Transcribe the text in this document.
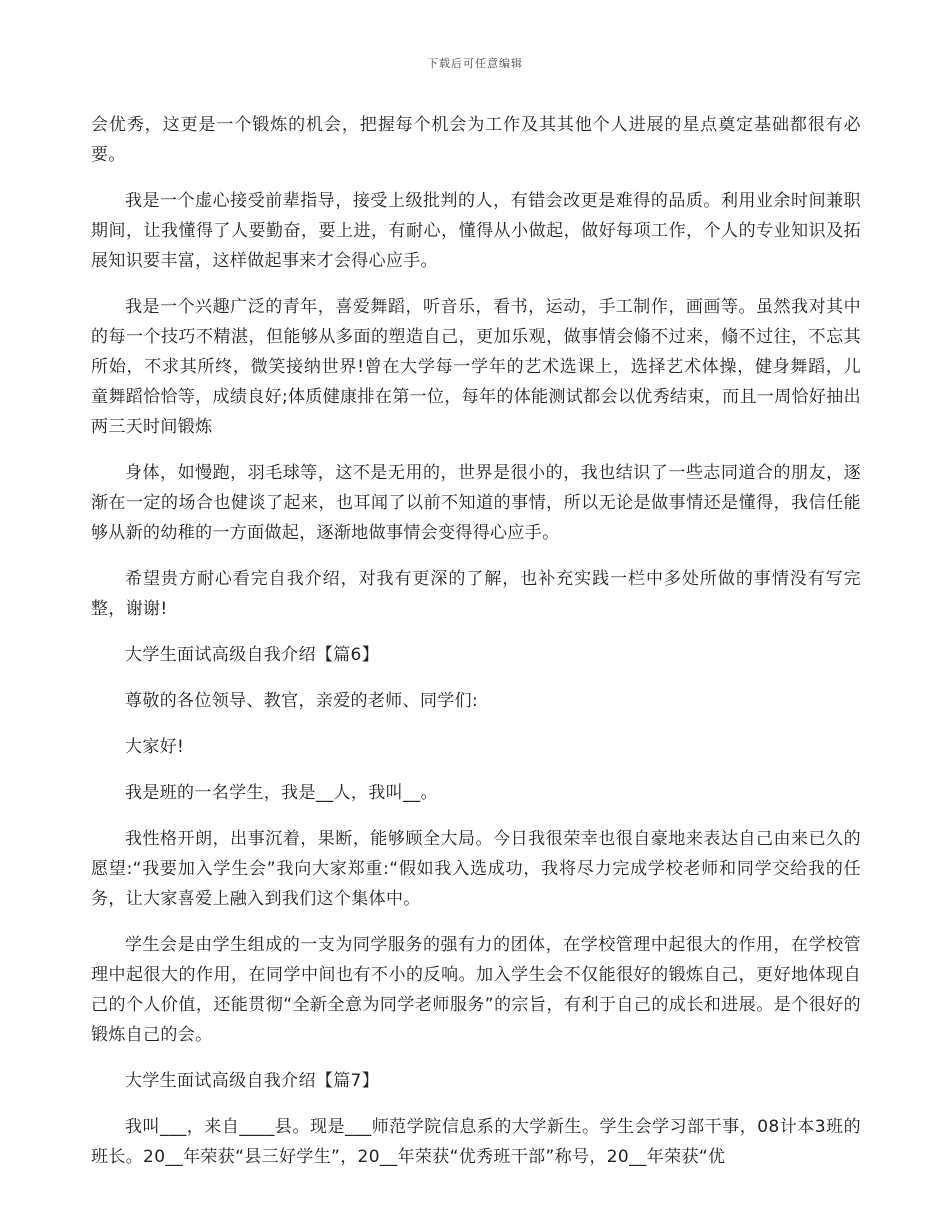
下载后可任意编辑

会优秀，这更是一个锻炼的机会，把握每个机会为工作及其其他个人进展的星点奠定基础都很有必要。

我是一个虚心接受前辈指导，接受上级批判的人，有错会改更是难得的品质。利用业余时间兼职期间，让我懂得了人要勤奋，要上进，有耐心，懂得从小做起，做好每项工作，个人的专业知识及拓展知识要丰富，这样做起事来才会得心应手。

我是一个兴趣广泛的青年，喜爱舞蹈，听音乐，看书，运动，手工制作，画画等。虽然我对其中的每一个技巧不精湛，但能够从多面的塑造自己，更加乐观，做事情会翛不过来，翛不过往，不忘其所始，不求其所终，微笑接纳世界!曾在大学每一学年的艺术选课上，选择艺术体操，健身舞蹈，儿童舞蹈恰恰等，成绩良好;体质健康排在第一位，每年的体能测试都会以优秀结束，而且一周恰好抽出两三天时间锻炼

身体，如慢跑，羽毛球等，这不是无用的，世界是很小的，我也结识了一些志同道合的朋友，逐渐在一定的场合也健谈了起来，也耳闻了以前不知道的事情，所以无论是做事情还是懂得，我信任能够从新的幼稚的一方面做起，逐渐地做事情会变得得心应手。

希望贵方耐心看完自我介绍，对我有更深的了解，也补充实践一栏中多处所做的事情没有写完整，谢谢!

大学生面试高级自我介绍【篇6】

尊敬的各位领导、教官，亲爱的老师、同学们:

大家好!

我是班的一名学生，我是__人，我叫__。

我性格开朗，出事沉着，果断，能够顾全大局。今日我很荣幸也很自豪地来表达自己由来已久的愿望:“我要加入学生会”我向大家郑重:“假如我入选成功，我将尽力完成学校老师和同学交给我的任务，让大家喜爱上融入到我们这个集体中。

学生会是由学生组成的一支为同学服务的强有力的团体，在学校管理中起很大的作用，在学校管理中起很大的作用，在同学中间也有不小的反响。加入学生会不仅能很好的锻炼自己，更好地体现自己的个人价值，还能贯彻“全新全意为同学老师服务”的宗旨，有利于自己的成长和进展。是个很好的锻炼自己的会。

大学生面试高级自我介绍【篇7】

我叫___，来自____县。现是___师范学院信息系的大学新生。学生会学习部干事，08计本3班的班长。20__年荣获“县三好学生”，20__年荣获“优秀班干部”称号，20__年荣获“优
